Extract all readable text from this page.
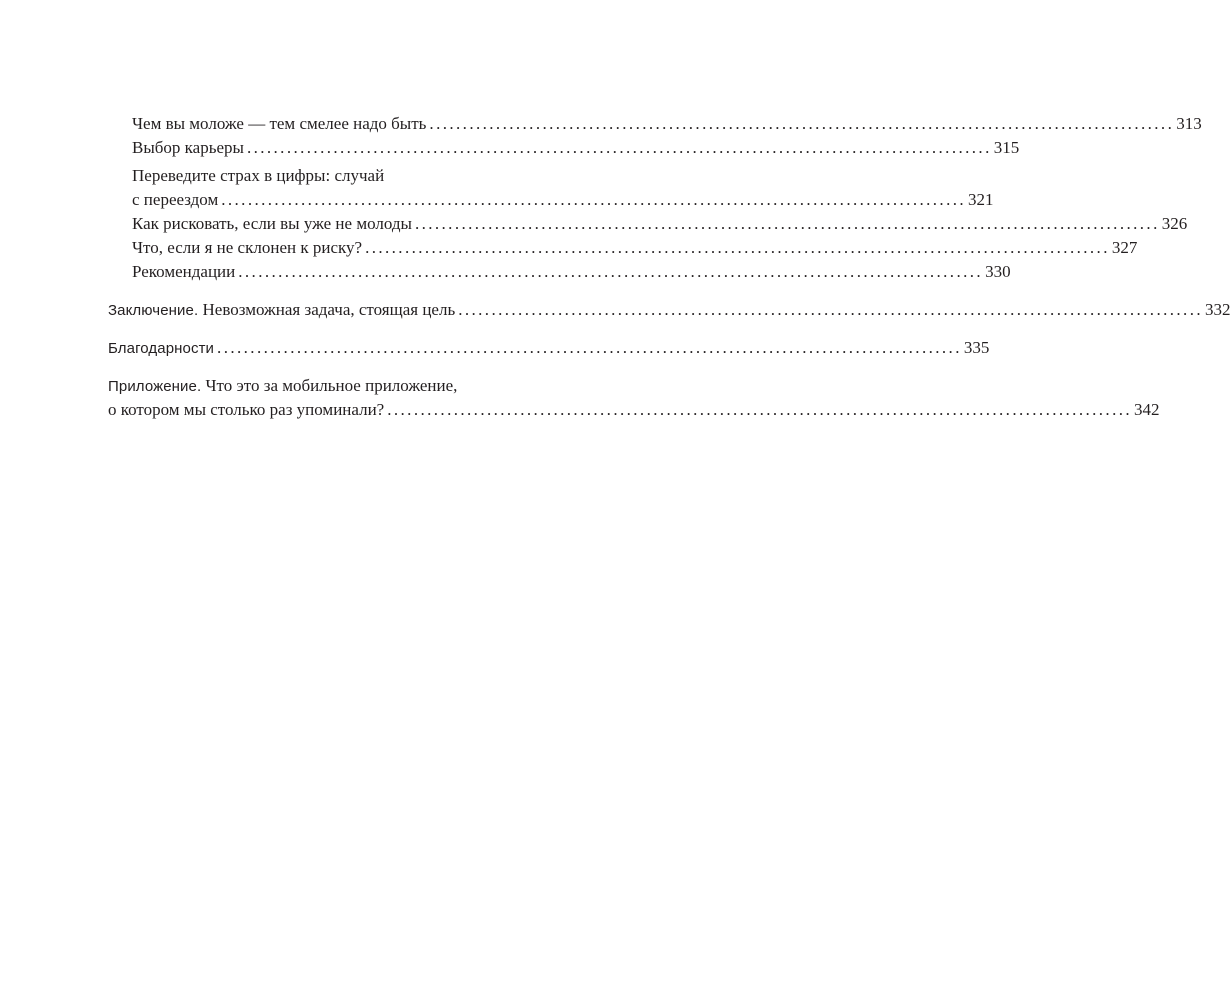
Чем вы моложе — тем смелее надо быть ................................................................................................................ 313
Выбор карьеры ................................................................................................................ 315
Переведите страх в цифры: случай
с переездом ................................................................................................................ 321
Как рисковать, если вы уже не молоды ................................................................................................................ 326
Что, если я не склонен к риску? ................................................................................................................ 327
Рекомендации ................................................................................................................ 330
Заключение. Невозможная задача, стоящая цель ................................................................................................................ 332
Благодарности ................................................................................................................ 335
Приложение. Что это за мобильное приложение,
о котором мы столько раз упоминали? ................................................................................................................ 342
